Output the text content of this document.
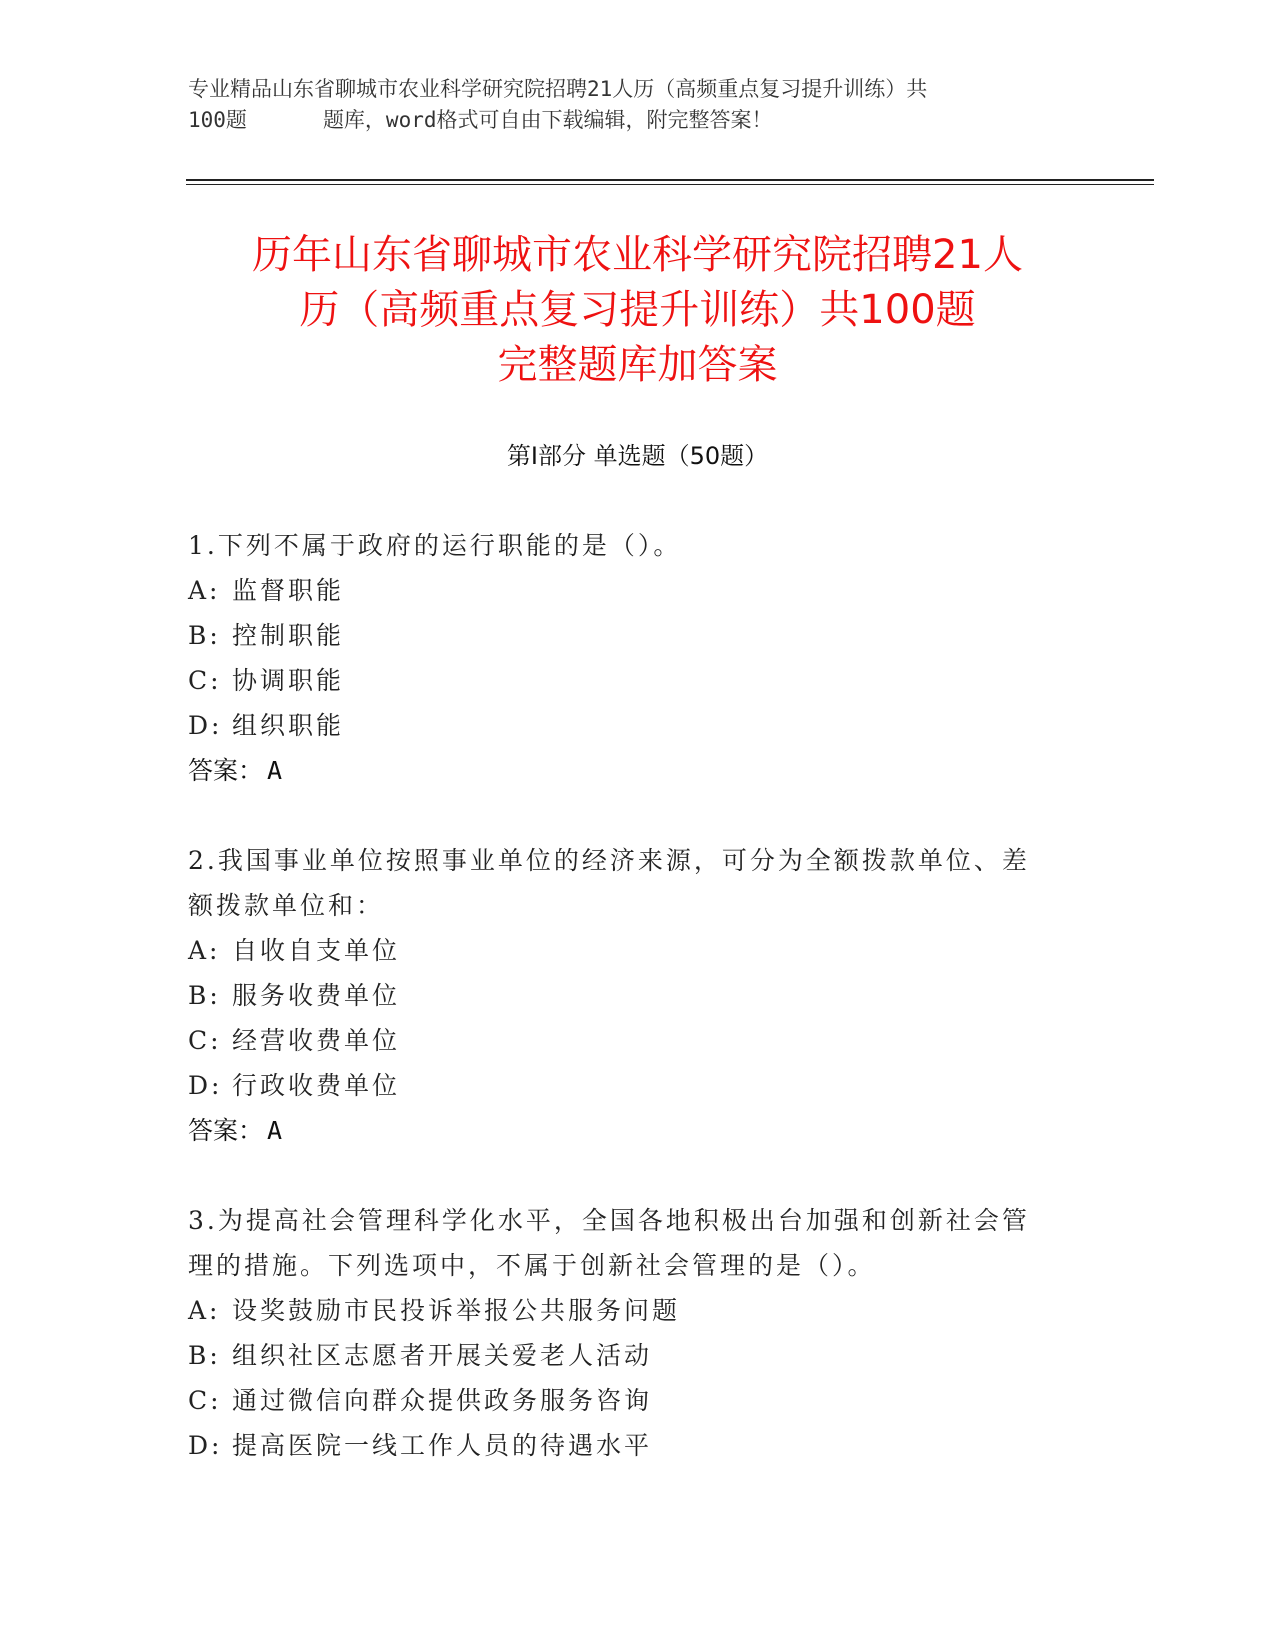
专业精品山东省聊城市农业科学研究院招聘21人历（高频重点复习提升训练）共
100题	题库，word格式可自由下载编辑，附完整答案！
历年山东省聊城市农业科学研究院招聘21人
历（高频重点复习提升训练）共100题
完整题库加答案
第Ⅰ部分 单选题（50题）
1.下列不属于政府的运行职能的是（）。
A: 监督职能
B: 控制职能
C: 协调职能
D: 组织职能
答案： A
2.我国事业单位按照事业单位的经济来源，可分为全额拨款单位、差
额拨款单位和：
A: 自收自支单位
B: 服务收费单位
C: 经营收费单位
D: 行政收费单位
答案： A
3.为提高社会管理科学化水平，全国各地积极出台加强和创新社会管
理的措施。下列选项中，不属于创新社会管理的是（）。
A: 设奖鼓励市民投诉举报公共服务问题
B: 组织社区志愿者开展关爱老人活动
C: 通过微信向群众提供政务服务咨询
D: 提高医院一线工作人员的待遇水平
